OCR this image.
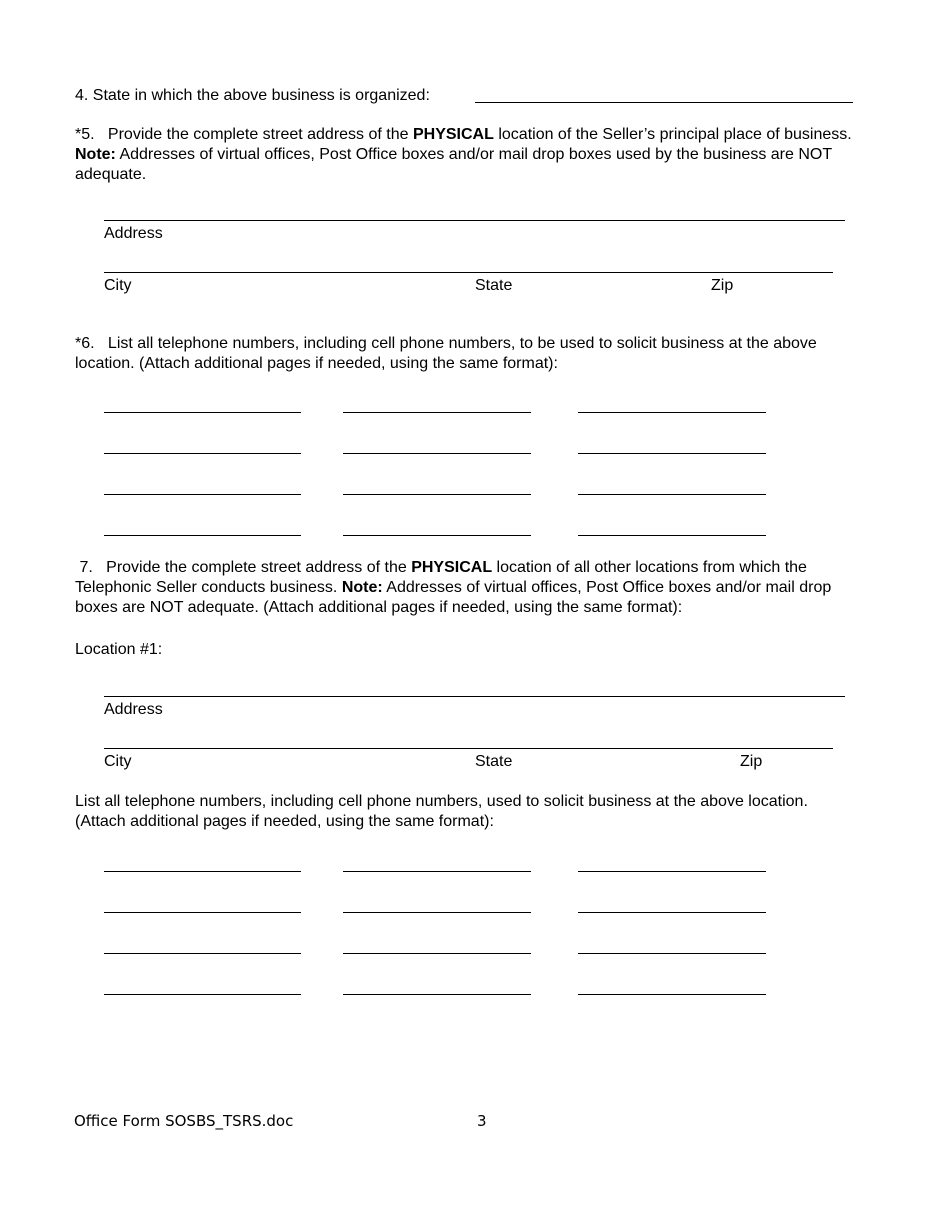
4. State in which the above business is organized:
*5. Provide the complete street address of the PHYSICAL location of the Seller’s principal place of business. Note: Addresses of virtual offices, Post Office boxes and/or mail drop boxes used by the business are NOT adequate.
Address
City	State	Zip
*6. List all telephone numbers, including cell phone numbers, to be used to solicit business at the above location. (Attach additional pages if needed, using the same format):
7. Provide the complete street address of the PHYSICAL location of all other locations from which the Telephonic Seller conducts business. Note: Addresses of virtual offices, Post Office boxes and/or mail drop boxes are NOT adequate. (Attach additional pages if needed, using the same format):
Location #1:
Address
City	State	Zip
List all telephone numbers, including cell phone numbers, used to solicit business at the above location. (Attach additional pages if needed, using the same format):
Office Form SOSBS_TSRS.doc	3
